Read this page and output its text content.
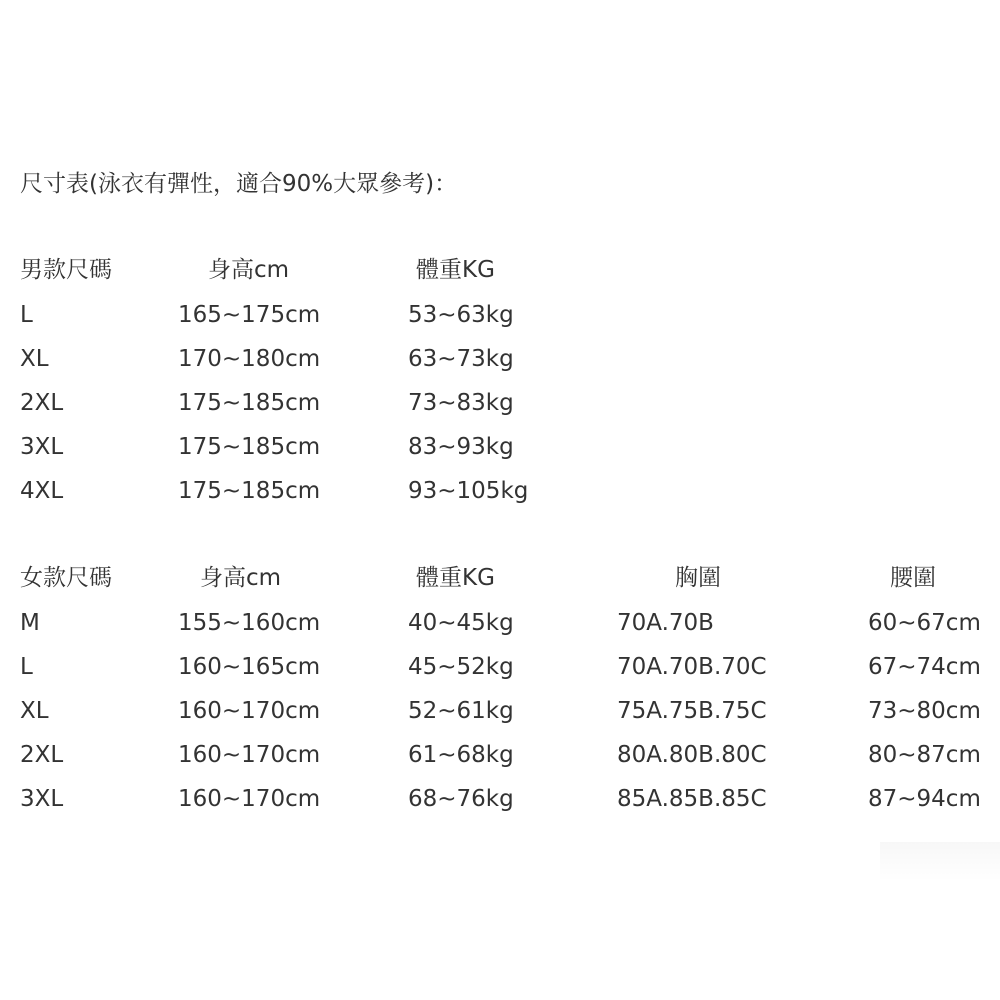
尺寸表(泳衣有彈性，適合90%大眾參考)：
男款尺碼	身高cm	體重KG
L	165~175cm	53~63kg
XL	170~180cm	63~73kg
2XL	175~185cm	73~83kg
3XL	175~185cm	83~93kg
4XL	175~185cm	93~105kg
女款尺碼	身高cm	體重KG	胸圍	腰圍
M	155~160cm	40~45kg	70A.70B	60~67cm
L	160~165cm	45~52kg	70A.70B.70C	67~74cm
XL	160~170cm	52~61kg	75A.75B.75C	73~80cm
2XL	160~170cm	61~68kg	80A.80B.80C	80~87cm
3XL	160~170cm	68~76kg	85A.85B.85C	87~94cm
